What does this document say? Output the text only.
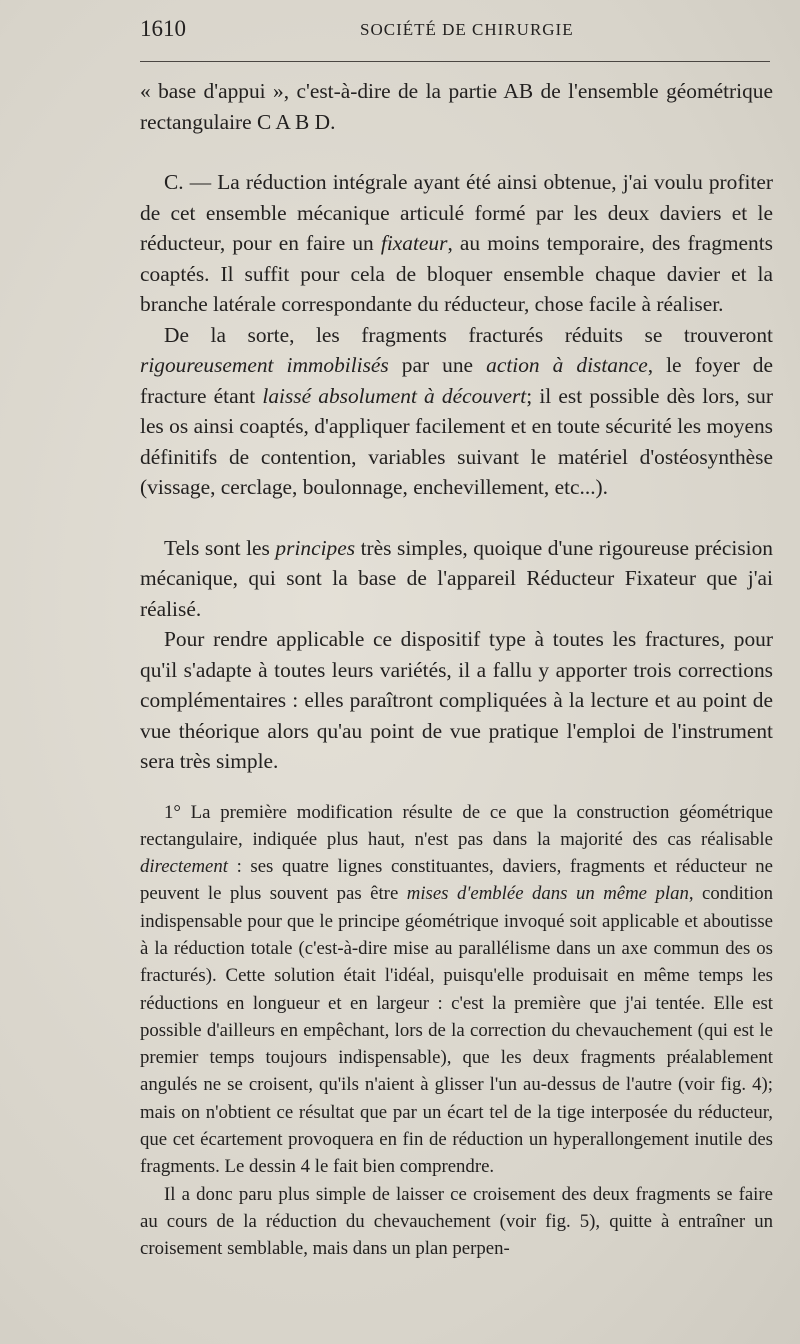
1610	SOCIÉTÉ DE CHIRURGIE

« base d'appui », c'est-à-dire de la partie AB de l'ensemble géométrique rectangulaire C A B D.

C. — La réduction intégrale ayant été ainsi obtenue, j'ai voulu profiter de cet ensemble mécanique articulé formé par les deux daviers et le réducteur, pour en faire un fixateur, au moins temporaire, des fragments coaptés. Il suffit pour cela de bloquer ensemble chaque davier et la branche latérale correspondante du réducteur, chose facile à réaliser.

De la sorte, les fragments fracturés réduits se trouveront rigoureusement immobilisés par une action à distance, le foyer de fracture étant laissé absolument à découvert; il est possible dès lors, sur les os ainsi coaptés, d'appliquer facilement et en toute sécurité les moyens définitifs de contention, variables suivant le matériel d'ostéosynthèse (vissage, cerclage, boulonnage, enchevillement, etc...).

Tels sont les principes très simples, quoique d'une rigoureuse précision mécanique, qui sont la base de l'appareil Réducteur Fixateur que j'ai réalisé.

Pour rendre applicable ce dispositif type à toutes les fractures, pour qu'il s'adapte à toutes leurs variétés, il a fallu y apporter trois corrections complémentaires : elles paraîtront compliquées à la lecture et au point de vue théorique alors qu'au point de vue pratique l'emploi de l'instrument sera très simple.

1° La première modification résulte de ce que la construction géométrique rectangulaire, indiquée plus haut, n'est pas dans la majorité des cas réalisable directement : ses quatre lignes constituantes, daviers, fragments et réducteur ne peuvent le plus souvent pas être mises d'emblée dans un même plan, condition indispensable pour que le principe géométrique invoqué soit applicable et aboutisse à la réduction totale (c'est-à-dire mise au parallélisme dans un axe commun des os fracturés). Cette solution était l'idéal, puisqu'elle produisait en même temps les réductions en longueur et en largeur : c'est la première que j'ai tentée. Elle est possible d'ailleurs en empêchant, lors de la correction du chevauchement (qui est le premier temps toujours indispensable), que les deux fragments préalablement angulés ne se croisent, qu'ils n'aient à glisser l'un au-dessus de l'autre (voir fig. 4); mais on n'obtient ce résultat que par un écart tel de la tige interposée du réducteur, que cet écartement provoquera en fin de réduction un hyperallongement inutile des fragments. Le dessin 4 le fait bien comprendre.

Il a donc paru plus simple de laisser ce croisement des deux fragments se faire au cours de la réduction du chevauchement (voir fig. 5), quitte à entraîner un croisement semblable, mais dans un plan perpen-
